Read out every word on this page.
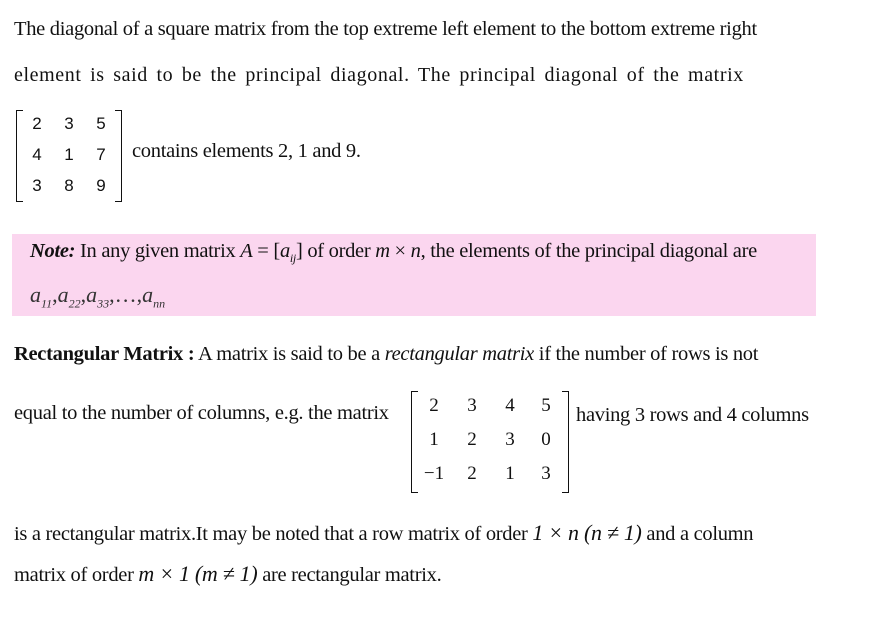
The diagonal of a square matrix from the top extreme left element to the bottom extreme right
element is said to be the principal diagonal. The principal diagonal of the matrix
2	3	5
4	1	7
3	8	9
contains elements 2, 1 and 9.
Note: In any given matrix $A = [a_{ij}]$ of order m × n, the elements of the principal diagonal are
$a_{11},a_{22},a_{33},\dots,a_{nn}$
Rectangular Matrix : A matrix is said to be a rectangular matrix if the number of rows is not
equal to the number of columns, e.g. the matrix	2	3	4	5
1	2	3	0
−1	2	1	3
having 3 rows and 4 columns
is a rectangular matrix.It may be noted that a row matrix of order 1 × n (n ≠ 1) and a column
matrix of order m × 1 (m ≠ 1) are rectangular matrix.
